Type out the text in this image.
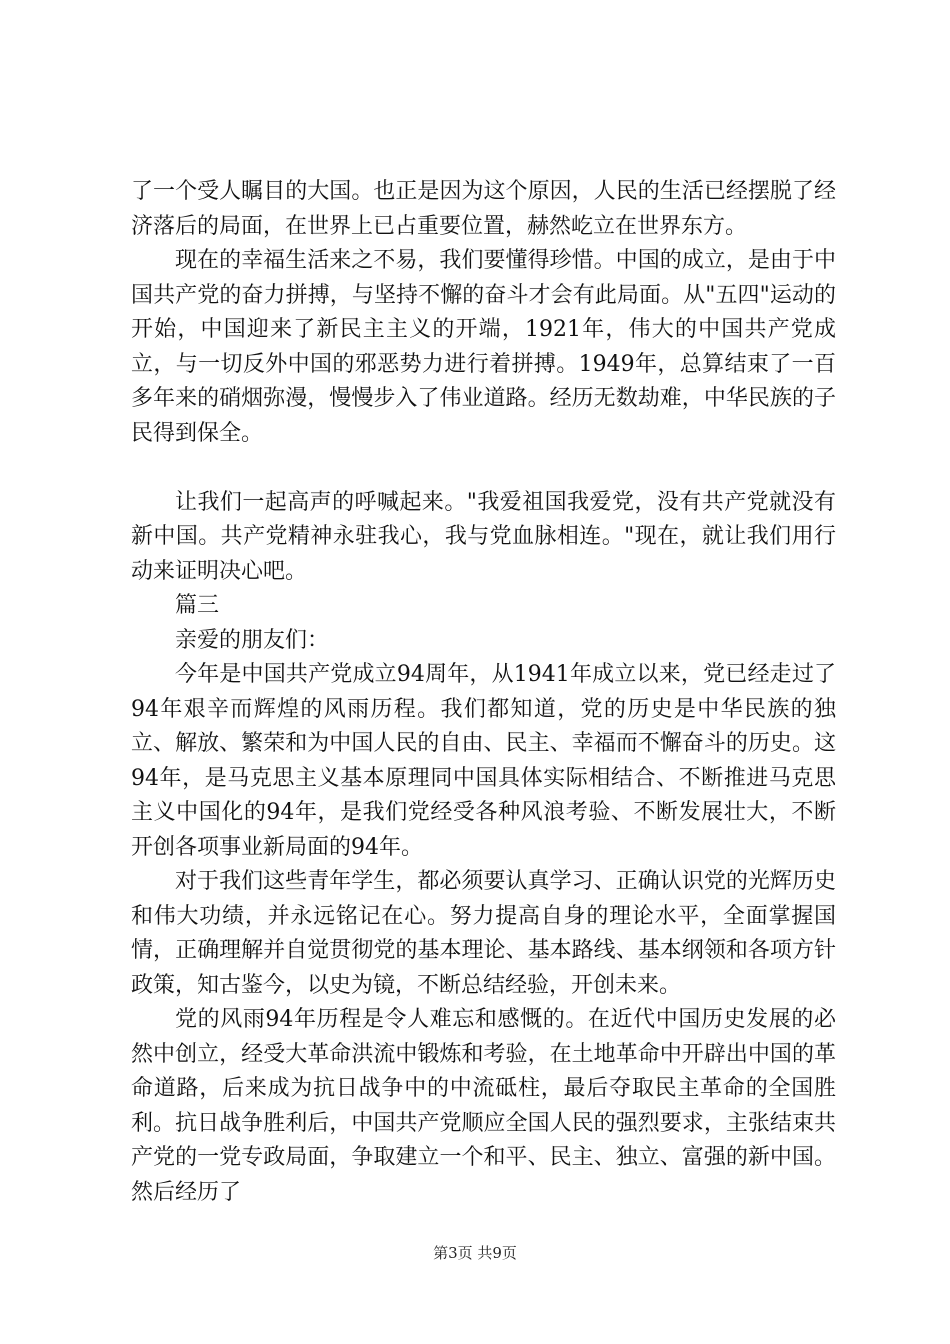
了一个受人瞩目的大国。也正是因为这个原因，人民的生活已经摆脱了经济落后的局面，在世界上已占重要位置，赫然屹立在世界东方。

现在的幸福生活来之不易，我们要懂得珍惜。中国的成立，是由于中国共产党的奋力拼搏，与坚持不懈的奋斗才会有此局面。从"五四"运动的开始，中国迎来了新民主主义的开端，1921年，伟大的中国共产党成立，与一切反外中国的邪恶势力进行着拼搏。1949年，总算结束了一百多年来的硝烟弥漫，慢慢步入了伟业道路。经历无数劫难，中华民族的子民得到保全。

让我们一起高声的呼喊起来。"我爱祖国我爱党，没有共产党就没有新中国。共产党精神永驻我心，我与党血脉相连。"现在，就让我们用行动来证明决心吧。

篇三

亲爱的朋友们：

今年是中国共产党成立94周年，从1941年成立以来，党已经走过了94年艰辛而辉煌的风雨历程。我们都知道，党的历史是中华民族的独立、解放、繁荣和为中国人民的自由、民主、幸福而不懈奋斗的历史。这94年，是马克思主义基本原理同中国具体实际相结合、不断推进马克思主义中国化的94年，是我们党经受各种风浪考验、不断发展壮大，不断开创各项事业新局面的94年。

对于我们这些青年学生，都必须要认真学习、正确认识党的光辉历史和伟大功绩，并永远铭记在心。努力提高自身的理论水平，全面掌握国情，正确理解并自觉贯彻党的基本理论、基本路线、基本纲领和各项方针政策，知古鉴今，以史为镜，不断总结经验，开创未来。

党的风雨94年历程是令人难忘和感慨的。在近代中国历史发展的必然中创立，经受大革命洪流中锻炼和考验，在土地革命中开辟出中国的革命道路，后来成为抗日战争中的中流砥柱，最后夺取民主革命的全国胜利。抗日战争胜利后，中国共产党顺应全国人民的强烈要求，主张结束共产党的一党专政局面，争取建立一个和平、民主、独立、富强的新中国。然后经历了

第3页 共9页
